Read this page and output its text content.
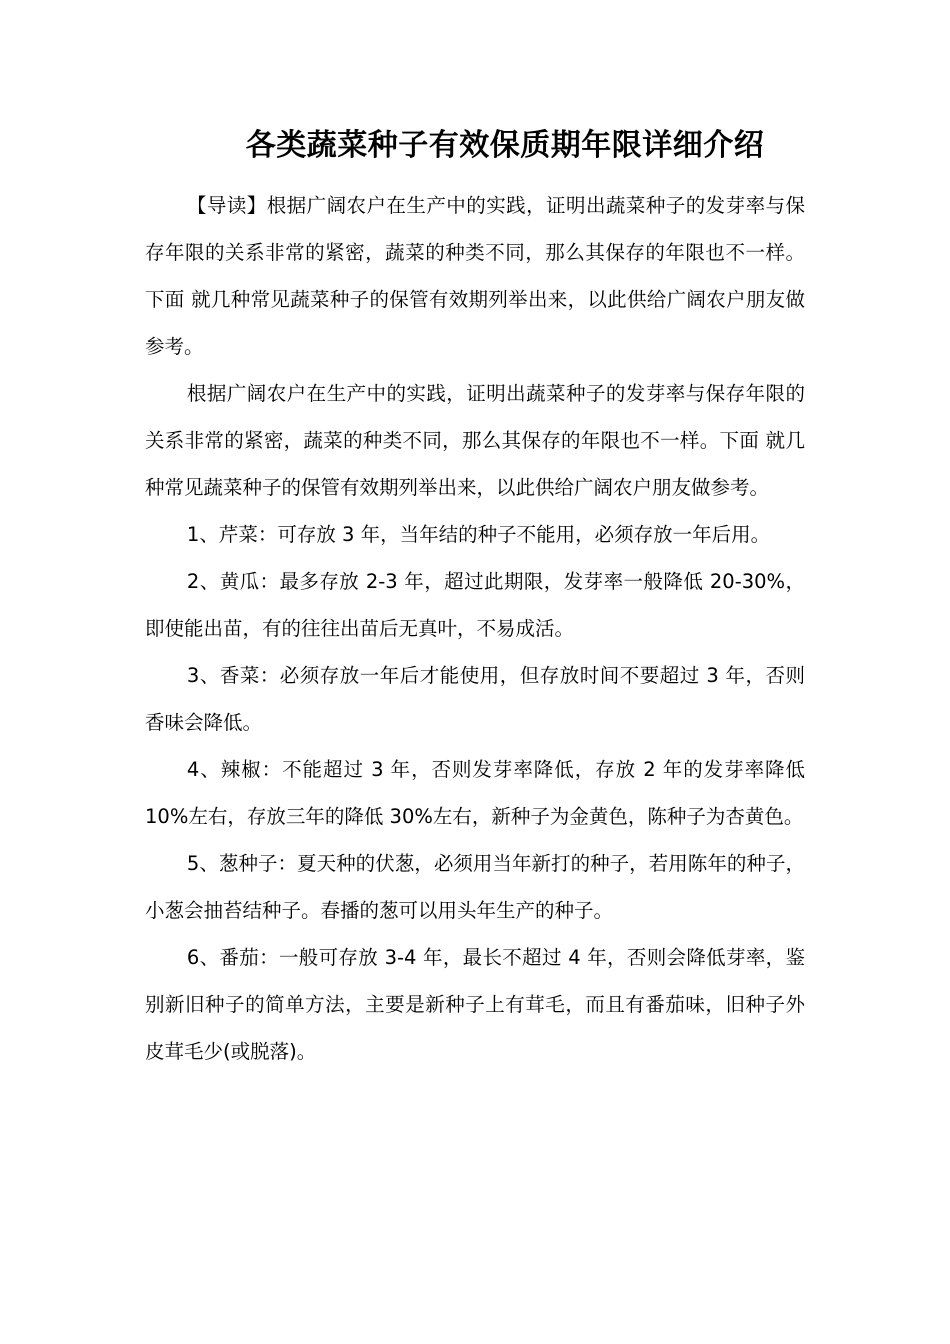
各类蔬菜种子有效保质期年限详细介绍

【导读】根据广阔农户在生产中的实践，证明出蔬菜种子的发芽率与保存年限的关系非常的紧密，蔬菜的种类不同，那么其保存的年限也不一样。下面 就几种常见蔬菜种子的保管有效期列举出来，以此供给广阔农户朋友做参考。

根据广阔农户在生产中的实践，证明出蔬菜种子的发芽率与保存年限的关系非常的紧密，蔬菜的种类不同，那么其保存的年限也不一样。下面 就几种常见蔬菜种子的保管有效期列举出来，以此供给广阔农户朋友做参考。

1、芹菜：可存放 3 年，当年结的种子不能用，必须存放一年后用。

2、黄瓜：最多存放 2-3 年，超过此期限，发芽率一般降低 20-30%，即使能出苗，有的往往出苗后无真叶，不易成活。

3、香菜：必须存放一年后才能使用，但存放时间不要超过 3 年，否则香味会降低。

4、辣椒：不能超过 3 年，否则发芽率降低，存放 2 年的发芽率降低 10%左右，存放三年的降低 30%左右，新种子为金黄色，陈种子为杏黄色。

5、葱种子：夏天种的伏葱，必须用当年新打的种子，若用陈年的种子，小葱会抽苔结种子。春播的葱可以用头年生产的种子。

6、番茄：一般可存放 3-4 年，最长不超过 4 年，否则会降低芽率，鉴别新旧种子的简单方法，主要是新种子上有茸毛，而且有番茄味，旧种子外皮茸毛少(或脱落)。
